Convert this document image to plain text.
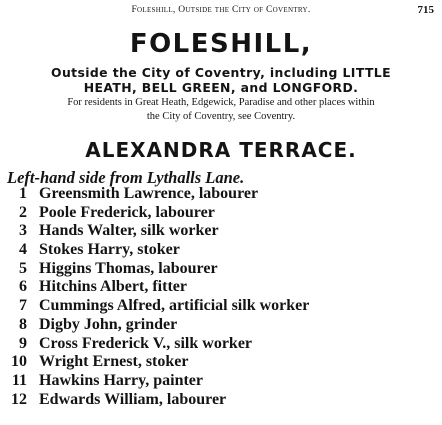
Foleshill, Outside the City of Coventry.	715
FOLESHILL,
Outside the City of Coventry, including LITTLE
HEATH, BELL GREEN, and LONGFORD.
For residents in Great Heath, Edgewick, Paradise and other places within
the City of Coventry, see Coventry.
ALEXANDRA TERRACE.
Left-hand side from Lythalls Lane.
1 Greensmith Lawrence, labourer
2 Poole Frederick, labourer
3 Hands Walter, silk worker
4 Stokes Harry, stoker
5 Higgins Thomas, labourer
6 Hitchins Albert, fitter
7 Cummings Alfred, artificial silk worker
8 Digby John, grinder
9 Cross Frederick V., silk worker
10 Wright Ernest, stoker
11 Hawkins Harry, painter
12 Edwards William, labourer
